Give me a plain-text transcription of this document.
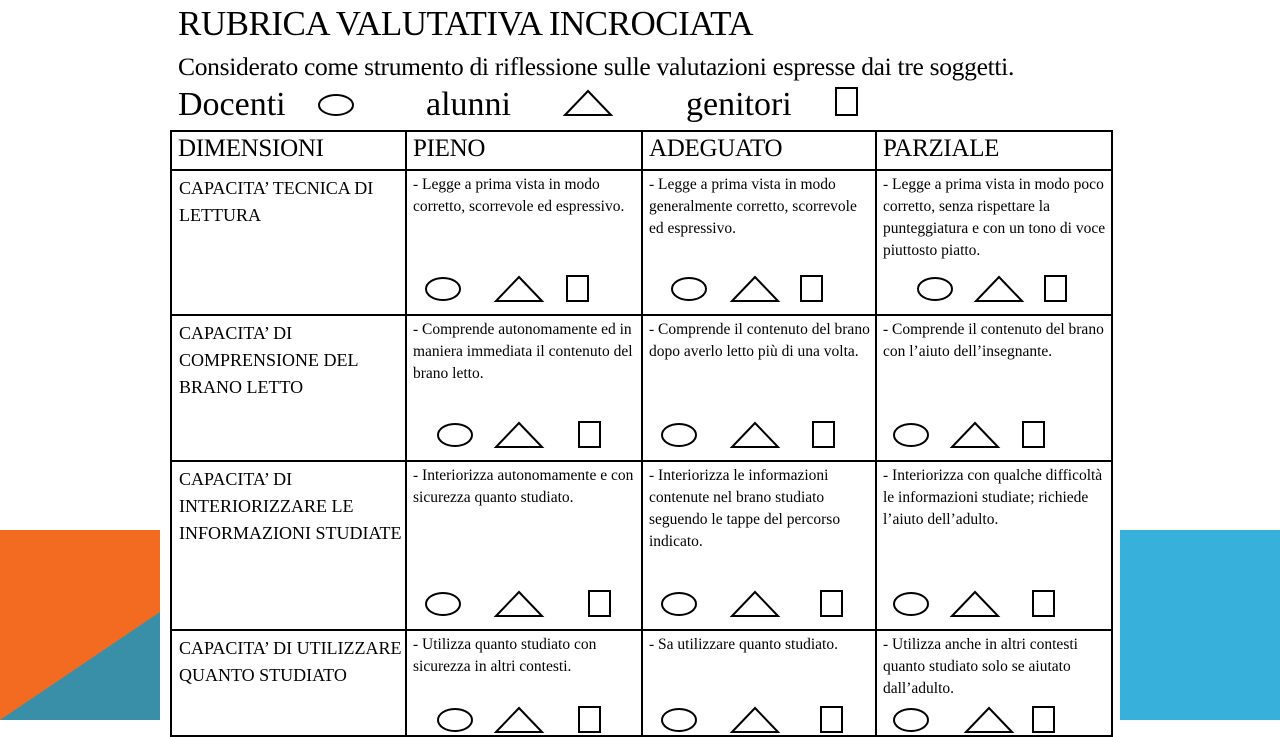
RUBRICA VALUTATIVA INCROCIATA
Considerato come strumento di riflessione sulle valutazioni espresse dai tre soggetti.
Docenti	alunni	genitori
DIMENSIONI	PIENO	ADEGUATO	PARZIALE
CAPACITA’ TECNICA DI LETTURA	- Legge a prima vista in modo corretto, scorrevole ed espressivo.	- Legge a prima vista in modo generalmente corretto, scorrevole ed espressivo.	- Legge a prima vista in modo poco corretto, senza rispettare la punteggiatura e con un tono di voce piuttosto piatto.

CAPACITA’ DI COMPRENSIONE DEL BRANO LETTO	- Comprende autonomamente ed in maniera immediata il contenuto del brano letto.	- Comprende il contenuto del brano dopo averlo letto più di una volta.	- Comprende il contenuto del brano con l’aiuto dell’insegnante.

CAPACITA’ DI INTERIORIZZARE LE INFORMAZIONI STUDIATE	- Interiorizza autonomamente e con sicurezza quanto studiato.	- Interiorizza le informazioni contenute nel brano studiato seguendo le tappe del percorso indicato.	- Interiorizza con qualche difficoltà le informazioni studiate; richiede l’aiuto dell’adulto.

CAPACITA’ DI UTILIZZARE QUANTO STUDIATO	- Utilizza quanto studiato con sicurezza in altri contesti.	- Sa utilizzare quanto studiato.	- Utilizza anche in altri contesti quanto studiato solo se aiutato dall’adulto.
